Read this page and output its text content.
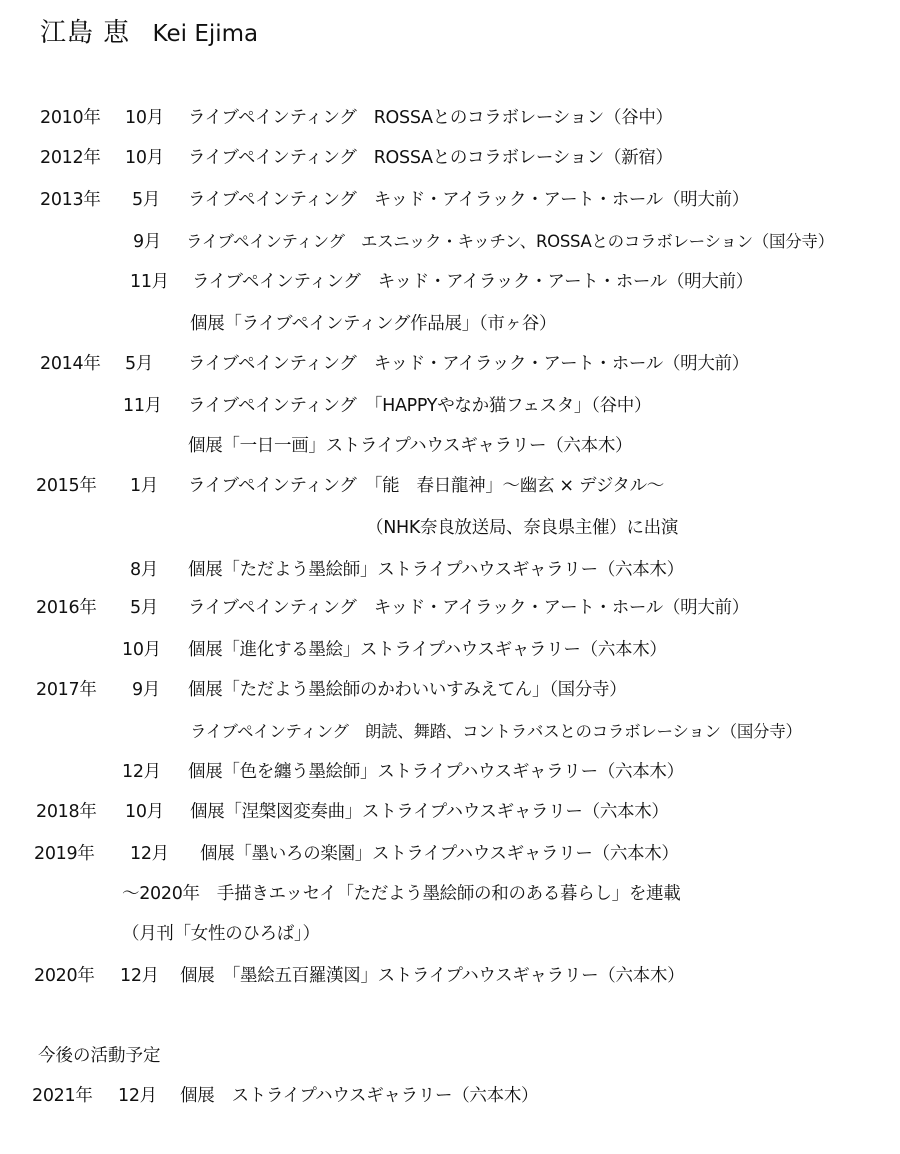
江島 恵 Kei Ejima
2010年 10月 ライブペインティング　ROSSAとのコラボレーション（谷中）
2012年 10月 ライブペインティング　ROSSAとのコラボレーション（新宿）
2013年 5月 ライブペインティング　キッド・アイラック・アート・ホール（明大前）
9月 ライブペインティング　エスニック・キッチン、ROSSAとのコラボレーション（国分寺）
11月 ライブペインティング　キッド・アイラック・アート・ホール（明大前）
個展「ライブペインティング作品展」（市ヶ谷）
2014年 5月 ライブペインティング　キッド・アイラック・アート・ホール（明大前）
11月 ライブペインティング　「HAPPYやなか猫フェスタ」（谷中）
個展「一日一画」ストライプハウスギャラリー（六本木）
2015年 1月 ライブペインティング　「能　春日龍神」～幽玄 × デジタル～
（NHK奈良放送局、奈良県主催）に出演
8月 個展「ただよう墨絵師」ストライプハウスギャラリー（六本木）
2016年 5月 ライブペインティング　キッド・アイラック・アート・ホール（明大前）
10月 個展「進化する墨絵」ストライプハウスギャラリー（六本木）
2017年 9月 個展「ただよう墨絵師のかわいいすみえてん」（国分寺）
ライブペインティング　朗読、舞踏、コントラバスとのコラボレーション（国分寺）
12月 個展「色を纏う墨絵師」ストライプハウスギャラリー（六本木）
2018年 10月 個展「涅槃図変奏曲」ストライプハウスギャラリー（六本木）
2019年 12月 個展「墨いろの楽園」ストライプハウスギャラリー（六本木）
～2020年　手描きエッセイ「ただよう墨絵師の和のある暮らし」を連載
（月刊「女性のひろば」）
2020年 12月 個展　「墨絵五百羅漢図」ストライプハウスギャラリー（六本木）
今後の活動予定
2021年 12月 個展　ストライプハウスギャラリー（六本木）
